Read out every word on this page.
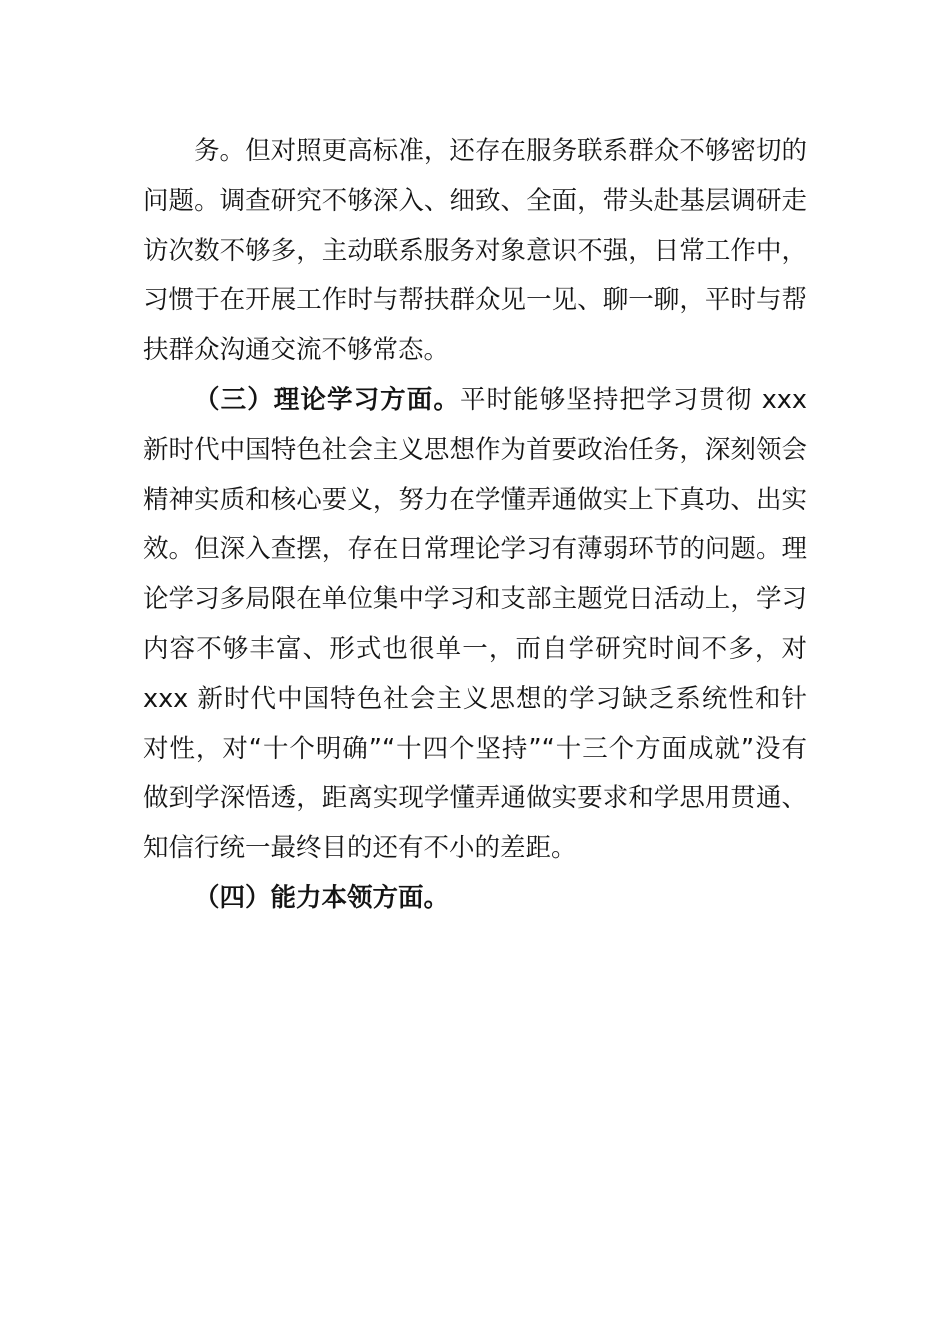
务。但对照更高标准，还存在服务联系群众不够密切的问题。调查研究不够深入、细致、全面，带头赴基层调研走访次数不够多，主动联系服务对象意识不强，日常工作中，习惯于在开展工作时与帮扶群众见一见、聊一聊，平时与帮扶群众沟通交流不够常态。

（三）理论学习方面。平时能够坚持把学习贯彻 xxx 新时代中国特色社会主义思想作为首要政治任务，深刻领会精神实质和核心要义，努力在学懂弄通做实上下真功、出实效。但深入查摆，存在日常理论学习有薄弱环节的问题。理论学习多局限在单位集中学习和支部主题党日活动上，学习内容不够丰富、形式也很单一，而自学研究时间不多，对 xxx 新时代中国特色社会主义思想的学习缺乏系统性和针对性，对“十个明确”“十四个坚持”“十三个方面成就”没有做到学深悟透，距离实现学懂弄通做实要求和学思用贯通、知信行统一最终目的还有不小的差距。

（四）能力本领方面。
